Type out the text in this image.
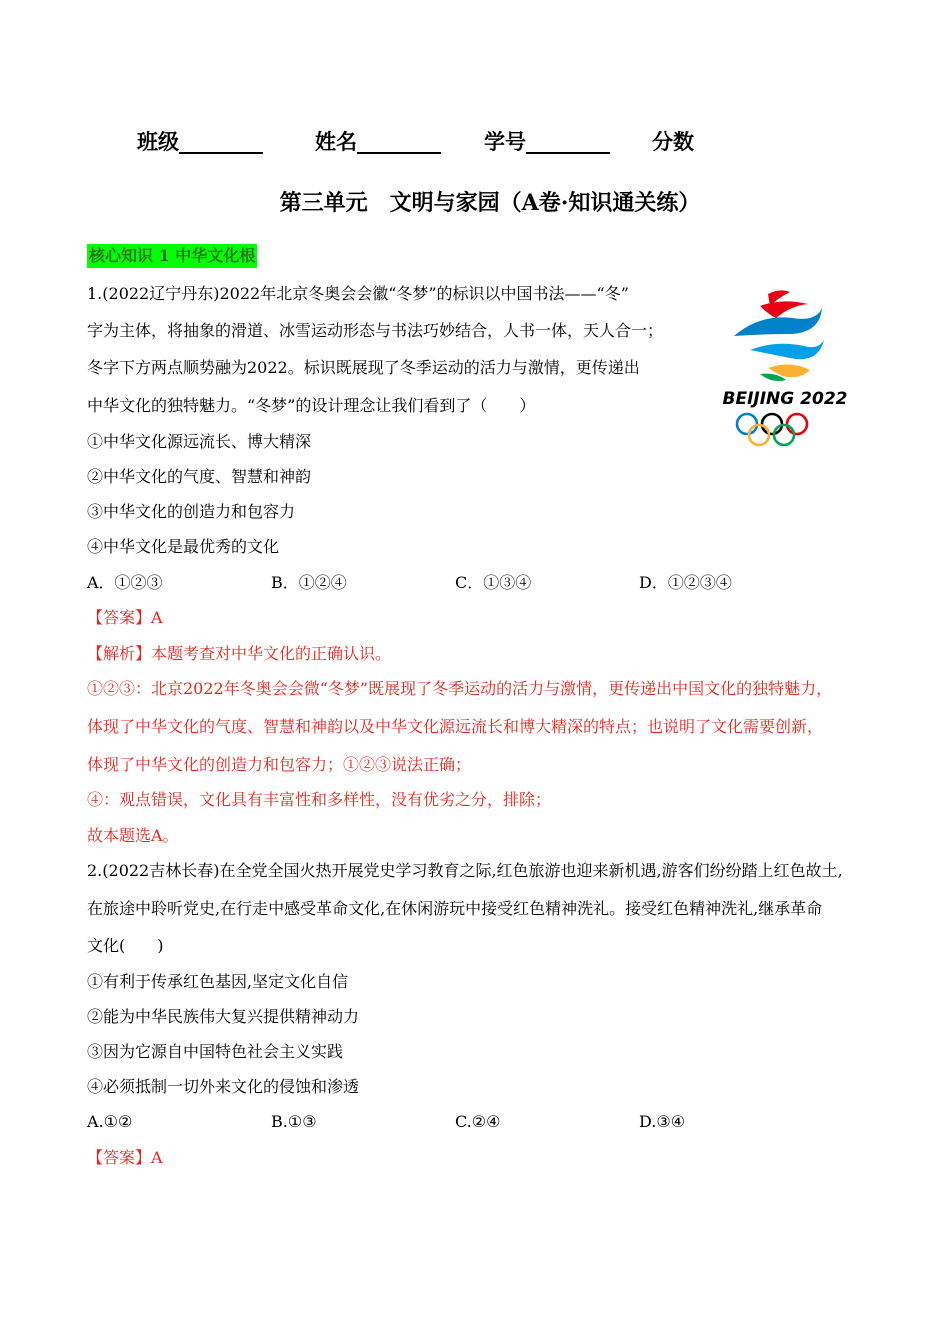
班级________ 姓名________ 学号________ 分数
第三单元　文明与家园（A卷·知识通关练）
核心知识 1 中华文化根
1.(2022辽宁丹东)2022年北京冬奥会会徽“冬梦”的标识以中国书法——“冬”
字为主体，将抽象的滑道、冰雪运动形态与书法巧妙结合，人书一体，天人合一；
冬字下方两点顺势融为2022。标识既展现了冬季运动的活力与激情，更传递出
中华文化的独特魅力。“冬梦”的设计理念让我们看到了（　　）
①中华文化源远流长、博大精深
②中华文化的气度、智慧和神韵
③中华文化的创造力和包容力
④中华文化是最优秀的文化
A．①②③	B．①②④	C．①③④	D．①②③④
【答案】A
【解析】本题考查对中华文化的正确认识。
①②③：北京2022年冬奥会会微“冬梦”既展现了冬季运动的活力与激情，更传递出中国文化的独特魅力，
体现了中华文化的气度、智慧和神韵以及中华文化源远流长和博大精深的特点；也说明了文化需要创新，
体现了中华文化的创造力和包容力；①②③说法正确；
④：观点错误，文化具有丰富性和多样性，没有优劣之分，排除；
故本题选A。
BEIJING 2022
2.(2022吉林长春)在全党全国火热开展党史学习教育之际,红色旅游也迎来新机遇,游客们纷纷踏上红色故土,
在旅途中聆听党史,在行走中感受革命文化,在休闲游玩中接受红色精神洗礼。接受红色精神洗礼,继承革命
文化(　　)
①有利于传承红色基因,坚定文化自信
②能为中华民族伟大复兴提供精神动力
③因为它源自中国特色社会主义实践
④必须抵制一切外来文化的侵蚀和渗透
A.①②	B.①③	C.②④	D.③④
【答案】A
